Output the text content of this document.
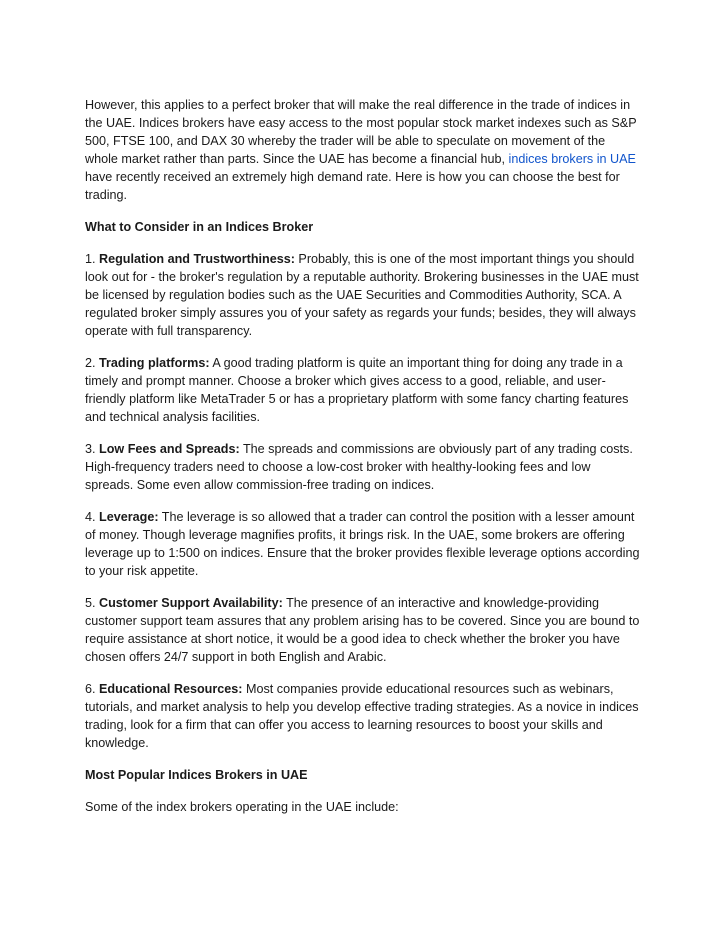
However, this applies to a perfect broker that will make the real difference in the trade of indices in the UAE. Indices brokers have easy access to the most popular stock market indexes such as S&P 500, FTSE 100, and DAX 30 whereby the trader will be able to speculate on movement of the whole market rather than parts. Since the UAE has become a financial hub, indices brokers in UAE have recently received an extremely high demand rate. Here is how you can choose the best for trading.

What to Consider in an Indices Broker

1. Regulation and Trustworthiness: Probably, this is one of the most important things you should look out for - the broker's regulation by a reputable authority. Brokering businesses in the UAE must be licensed by regulation bodies such as the UAE Securities and Commodities Authority, SCA. A regulated broker simply assures you of your safety as regards your funds; besides, they will always operate with full transparency.

2. Trading platforms: A good trading platform is quite an important thing for doing any trade in a timely and prompt manner. Choose a broker which gives access to a good, reliable, and user-friendly platform like MetaTrader 5 or has a proprietary platform with some fancy charting features and technical analysis facilities.

3. Low Fees and Spreads: The spreads and commissions are obviously part of any trading costs. High-frequency traders need to choose a low-cost broker with healthy-looking fees and low spreads. Some even allow commission-free trading on indices.

4. Leverage: The leverage is so allowed that a trader can control the position with a lesser amount of money. Though leverage magnifies profits, it brings risk. In the UAE, some brokers are offering leverage up to 1:500 on indices. Ensure that the broker provides flexible leverage options according to your risk appetite.

5. Customer Support Availability: The presence of an interactive and knowledge-providing customer support team assures that any problem arising has to be covered. Since you are bound to require assistance at short notice, it would be a good idea to check whether the broker you have chosen offers 24/7 support in both English and Arabic.

6. Educational Resources: Most companies provide educational resources such as webinars, tutorials, and market analysis to help you develop effective trading strategies. As a novice in indices trading, look for a firm that can offer you access to learning resources to boost your skills and knowledge.

Most Popular Indices Brokers in UAE

Some of the index brokers operating in the UAE include:
